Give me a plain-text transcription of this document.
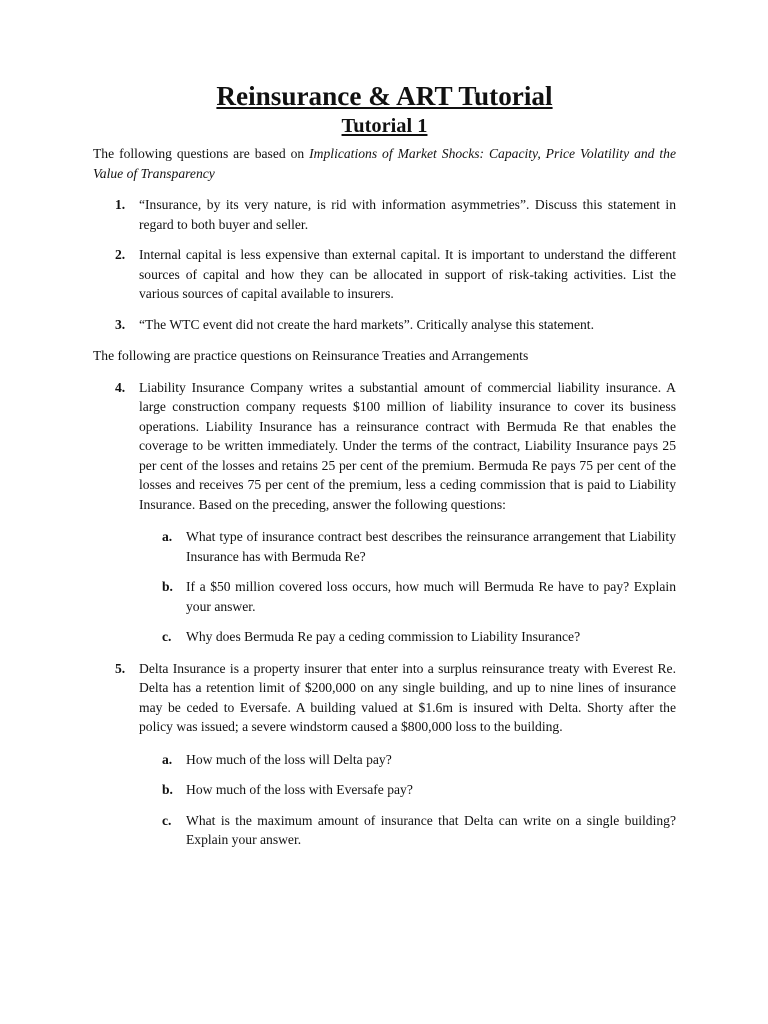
Reinsurance & ART Tutorial
Tutorial 1

The following questions are based on Implications of Market Shocks: Capacity, Price Volatility and the Value of Transparency

1. “Insurance, by its very nature, is rid with information asymmetries”. Discuss this statement in regard to both buyer and seller.

2. Internal capital is less expensive than external capital. It is important to understand the different sources of capital and how they can be allocated in support of risk-taking activities. List the various sources of capital available to insurers.

3. “The WTC event did not create the hard markets”. Critically analyse this statement.

The following are practice questions on Reinsurance Treaties and Arrangements

4. Liability Insurance Company writes a substantial amount of commercial liability insurance. A large construction company requests $100 million of liability insurance to cover its business operations. Liability Insurance has a reinsurance contract with Bermuda Re that enables the coverage to be written immediately. Under the terms of the contract, Liability Insurance pays 25 per cent of the losses and retains 25 per cent of the premium. Bermuda Re pays 75 per cent of the losses and receives 75 per cent of the premium, less a ceding commission that is paid to Liability Insurance. Based on the preceding, answer the following questions:

a. What type of insurance contract best describes the reinsurance arrangement that Liability Insurance has with Bermuda Re?

b. If a $50 million covered loss occurs, how much will Bermuda Re have to pay? Explain your answer.

c. Why does Bermuda Re pay a ceding commission to Liability Insurance?

5. Delta Insurance is a property insurer that enter into a surplus reinsurance treaty with Everest Re. Delta has a retention limit of $200,000 on any single building, and up to nine lines of insurance may be ceded to Eversafe. A building valued at $1.6m is insured with Delta. Shorty after the policy was issued; a severe windstorm caused a $800,000 loss to the building.

a. How much of the loss will Delta pay?

b. How much of the loss with Eversafe pay?

c. What is the maximum amount of insurance that Delta can write on a single building? Explain your answer.
